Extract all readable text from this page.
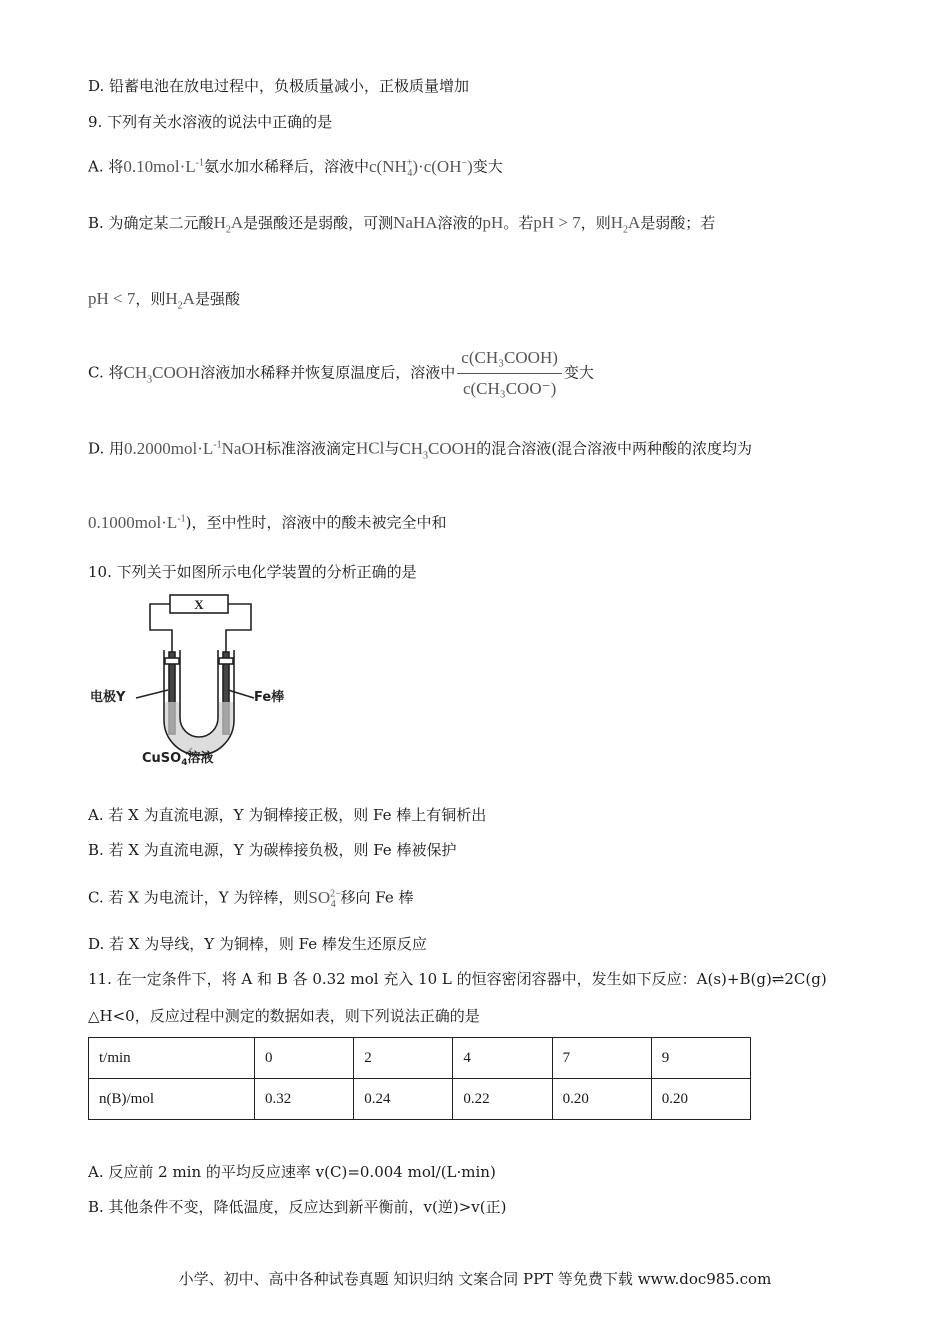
D. 铅蓄电池在放电过程中，负极质量减小，正极质量增加
9. 下列有关水溶液的说法中正确的是
A. 将$0.10mol\cdot L^{-1}$氨水加水稀释后，溶液中$c(NH^+_4)\cdot c(OH^-)$变大
B. 为确定某二元酸$H_2A$是强酸还是弱酸，可测NaHA溶液的pH。若pH > 7，则$H_2A$是弱酸；若
pH < 7，则$H_2A$是强酸
C. 将$CH_3COOH$溶液加水稀释并恢复原温度后，溶液中 $\frac{\text{c(CH₃COOH)}}{\text{c(CH₃COO⁻)}}$ 变大
D. 用$0.2000mol\cdot L^{-1}NaOH$标准溶液滴定HCl与$CH_3COOH$的混合溶液(混合溶液中两种酸的浓度均为
$0.1000mol\cdot L^{-1}$)，至中性时，溶液中的酸未被完全中和
10. 下列关于如图所示电化学装置的分析正确的是
X
电极Y	Fe棒
CuSO$_4$溶液
A. 若 X 为直流电源，Y 为铜棒接正极，则 Fe 棒上有铜析出
B. 若 X 为直流电源，Y 为碳棒接负极，则 Fe 棒被保护
C. 若 X 为电流计，Y 为锌棒，则$SO^{2-}_4$ 移向 Fe 棒
D. 若 X 为导线，Y 为铜棒，则 Fe 棒发生还原反应
11. 在一定条件下，将 A 和 B 各 0.32 mol 充入 10 L 的恒容密闭容器中，发生如下反应：A(s)+B(g)⇌2C(g)
△H<0，反应过程中测定的数据如表，则下列说法正确的是
t/min	0	2	4	7	9
n(B)/mol	0.32	0.24	0.22	0.20	0.20
A. 反应前 2 min 的平均反应速率 v(C)=0.004 mol/(L·min)
B. 其他条件不变，降低温度，反应达到新平衡前，v(逆)>v(正)
小学、初中、高中各种试卷真题 知识归纳 文案合同 PPT 等免费下载 www.doc985.com
